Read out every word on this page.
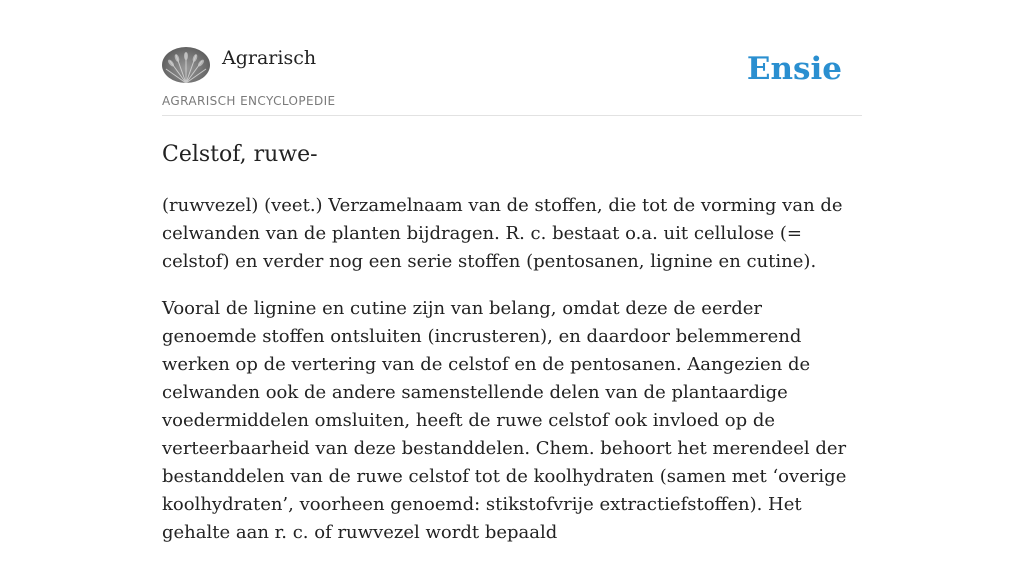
Agrarisch
AGRARISCH ENCYCLOPEDIE
Ensie
Celstof, ruwe-

(ruwvezel) (veet.) Verzamelnaam van de stoffen, die tot de vorming van de celwanden van de planten bijdragen. R. c. bestaat o.a. uit cellulose (= celstof) en verder nog een serie stoffen (pentosanen, lignine en cutine).

Vooral de lignine en cutine zijn van belang, omdat deze de eerder genoemde stoffen ontsluiten (incrusteren), en daardoor belemmerend werken op de vertering van de celstof en de pentosanen. Aangezien de celwanden ook de andere samenstellende delen van de plantaardige voedermiddelen omsluiten, heeft de ruwe celstof ook invloed op de verteerbaarheid van deze bestanddelen. Chem. behoort het merendeel der bestanddelen van de ruwe celstof tot de koolhydraten (samen met ‘overige koolhydraten’, voorheen genoemd: stikstofvrije extractiefstoffen). Het gehalte aan r. c. of ruwvezel wordt bepaald
